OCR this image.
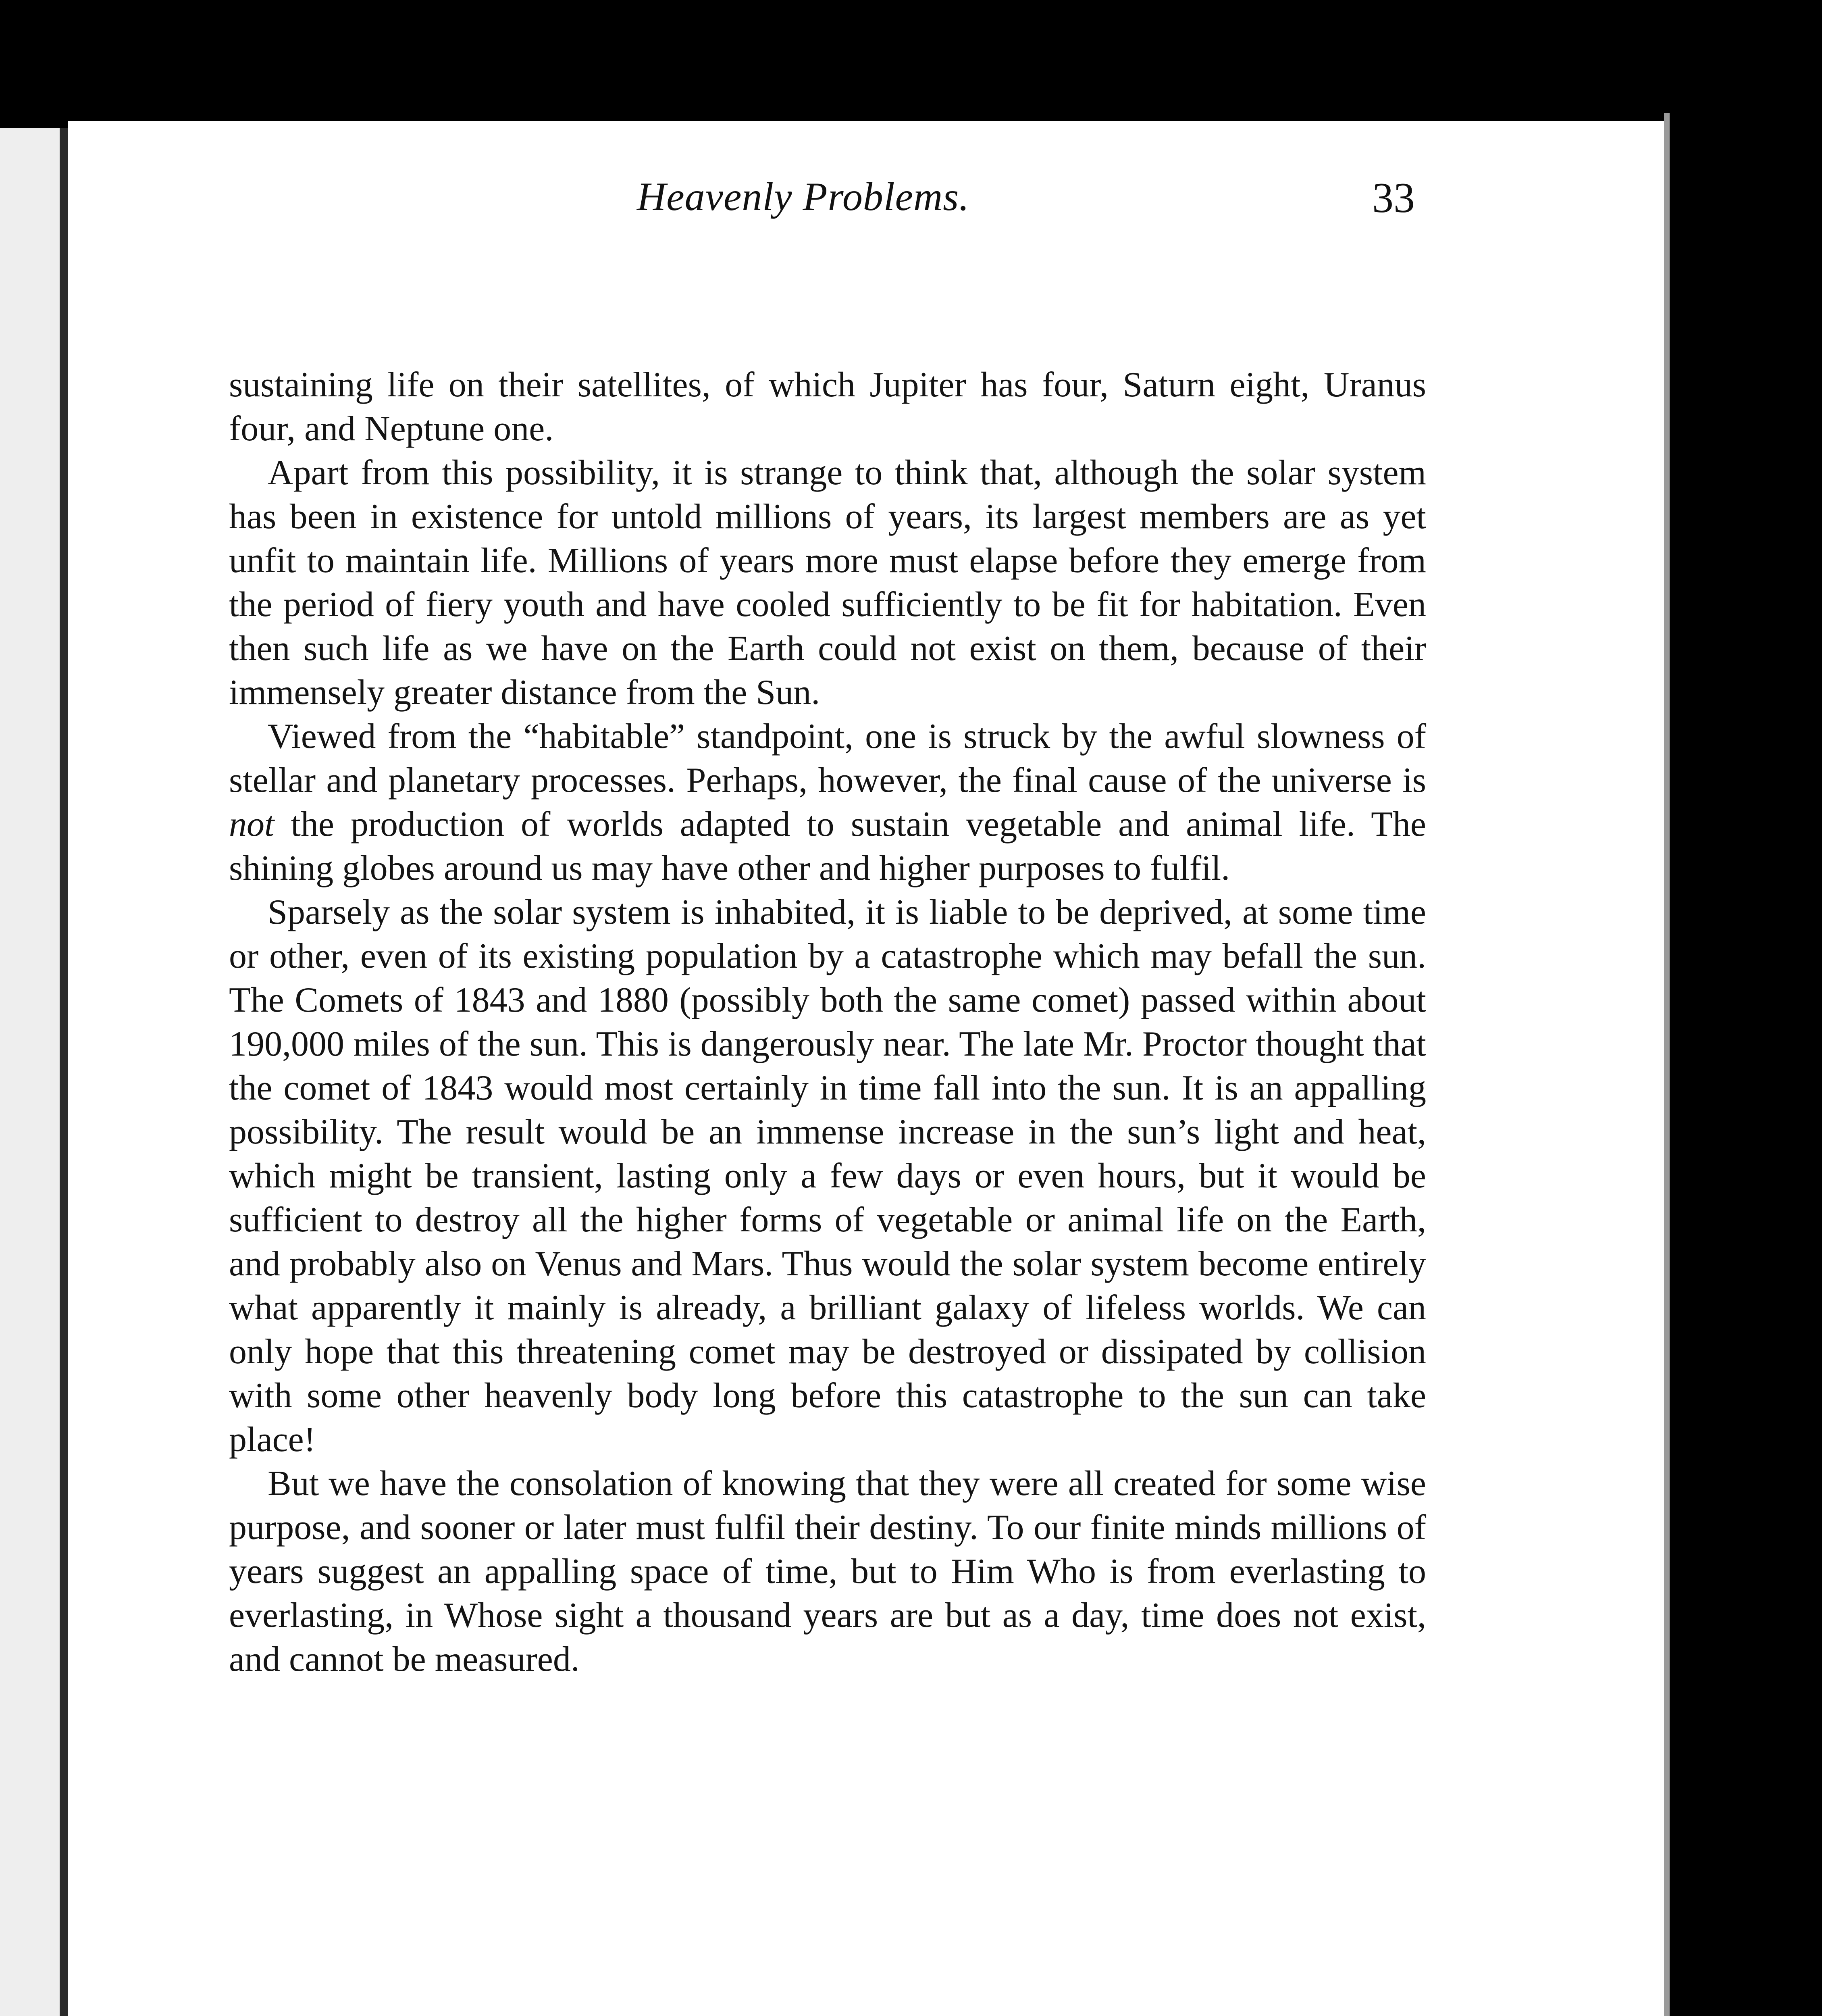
Heavenly Problems.	33

sustaining life on their satellites, of which Jupiter has four, Saturn eight, Uranus four, and Neptune one.

Apart from this possibility, it is strange to think that, although the solar system has been in existence for untold millions of years, its largest members are as yet unfit to maintain life. Millions of years more must elapse before they emerge from the period of fiery youth and have cooled sufficiently to be fit for habitation. Even then such life as we have on the Earth could not exist on them, because of their immensely greater distance from the Sun.

Viewed from the “habitable” standpoint, one is struck by the awful slowness of stellar and planetary processes. Perhaps, however, the final cause of the universe is not the production of worlds adapted to sustain vegetable and animal life. The shining globes around us may have other and higher purposes to fulfil.

Sparsely as the solar system is inhabited, it is liable to be deprived, at some time or other, even of its existing population by a catastrophe which may befall the sun. The Comets of 1843 and 1880 (possibly both the same comet) passed within about 190,000 miles of the sun. This is dangerously near. The late Mr. Proctor thought that the comet of 1843 would most certainly in time fall into the sun. It is an appalling possibility. The result would be an immense increase in the sun’s light and heat, which might be transient, lasting only a few days or even hours, but it would be sufficient to destroy all the higher forms of vegetable or animal life on the Earth, and probably also on Venus and Mars. Thus would the solar system become entirely what apparently it mainly is already, a brilliant galaxy of lifeless worlds. We can only hope that this threatening comet may be destroyed or dissipated by collision with some other heavenly body long before this catastrophe to the sun can take place!

But we have the consolation of knowing that they were all created for some wise purpose, and sooner or later must fulfil their destiny. To our finite minds millions of years suggest an appalling space of time, but to Him Who is from everlasting to everlasting, in Whose sight a thousand years are but as a day, time does not exist, and cannot be measured.
